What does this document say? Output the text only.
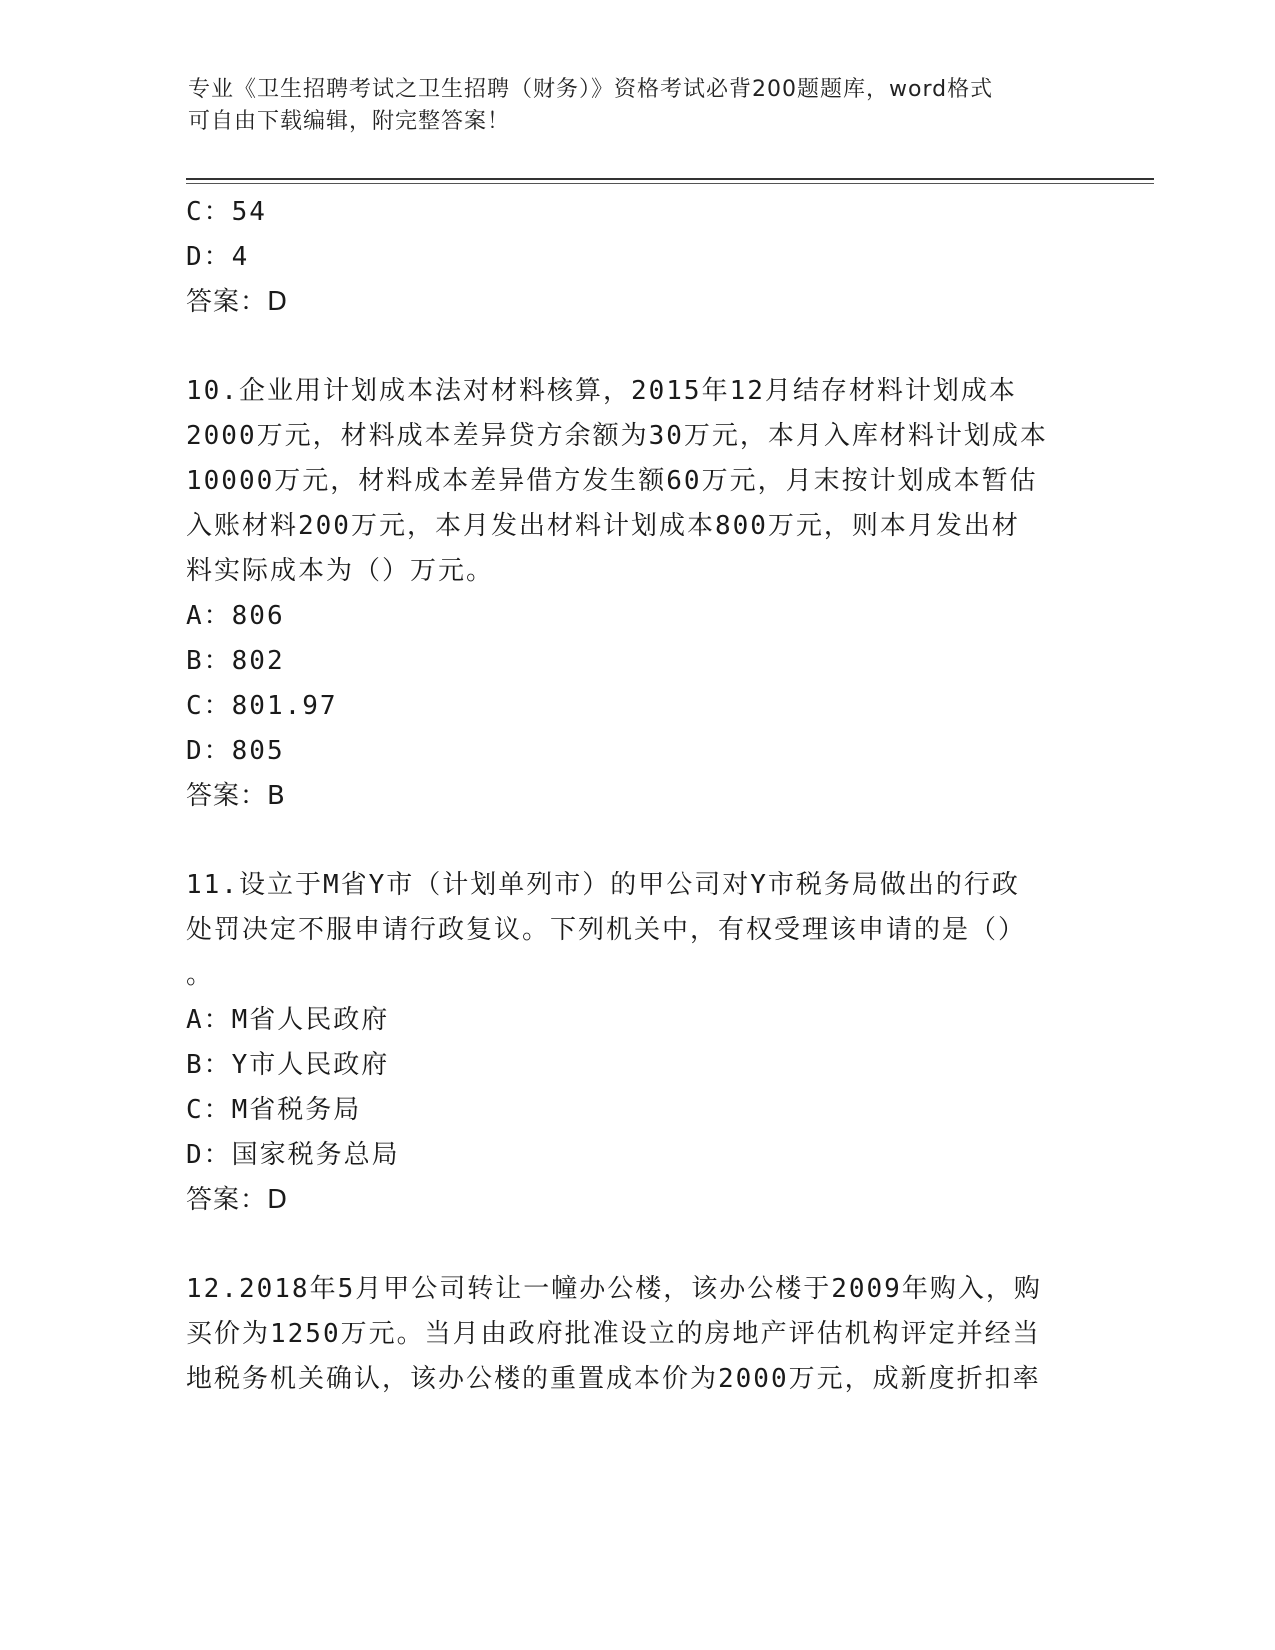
专业《卫生招聘考试之卫生招聘（财务）》资格考试必背200题题库，word格式
可自由下载编辑，附完整答案！
C：54
D：4
答案：D
10.企业用计划成本法对材料核算，2015年12月结存材料计划成本
2000万元，材料成本差异贷方余额为30万元，本月入库材料计划成本
10000万元，材料成本差异借方发生额60万元，月末按计划成本暂估
入账材料200万元，本月发出材料计划成本800万元，则本月发出材
料实际成本为（）万元。
A：806
B：802
C：801.97
D：805
答案：B
11.设立于M省Y市（计划单列市）的甲公司对Y市税务局做出的行政
处罚决定不服申请行政复议。下列机关中，有权受理该申请的是（）
。
A：M省人民政府
B：Y市人民政府
C：M省税务局
D：国家税务总局
答案：D
12.2018年5月甲公司转让一幢办公楼，该办公楼于2009年购入，购
买价为1250万元。当月由政府批准设立的房地产评估机构评定并经当
地税务机关确认，该办公楼的重置成本价为2000万元，成新度折扣率
